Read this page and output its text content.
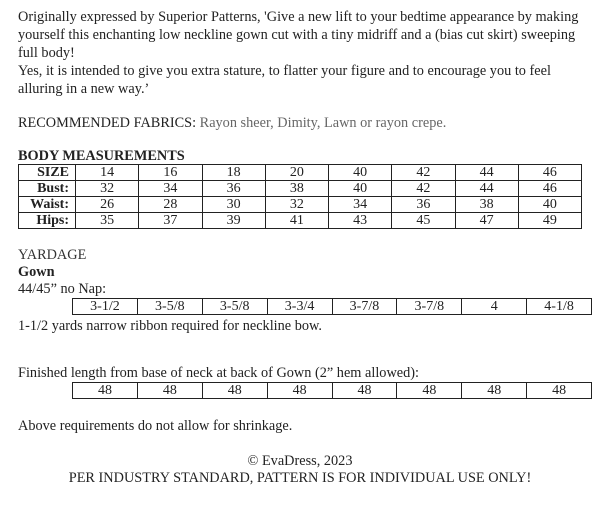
Originally expressed by Superior Patterns, 'Give a new lift to your bedtime appearance by making yourself this enchanting low neckline gown cut with a tiny midriff and a (bias cut skirt) sweeping full body!

Yes, it is intended to give you extra stature, to flatter your figure and to encourage you to feel alluring in a new way.’

RECOMMENDED FABRICS: Rayon sheer, Dimity, Lawn or rayon crepe.
BODY MEASUREMENTS
SIZE	14	16	18	20	40	42	44	46
Bust:	32	34	36	38	40	42	44	46
Waist:	26	28	30	32	34	36	38	40
Hips:	35	37	39	41	43	45	47	49
YARDAGE
Gown
44/45” no Nap:
3-1/2	3-5/8	3-5/8	3-3/4	3-7/8	3-7/8	4	4-1/8
1-1/2 yards narrow ribbon required for neckline bow.
Finished length from base of neck at back of Gown (2” hem allowed):
48	48	48	48	48	48	48	48
Above requirements do not allow for shrinkage.
© EvaDress, 2023
PER INDUSTRY STANDARD, PATTERN IS FOR INDIVIDUAL USE ONLY!
